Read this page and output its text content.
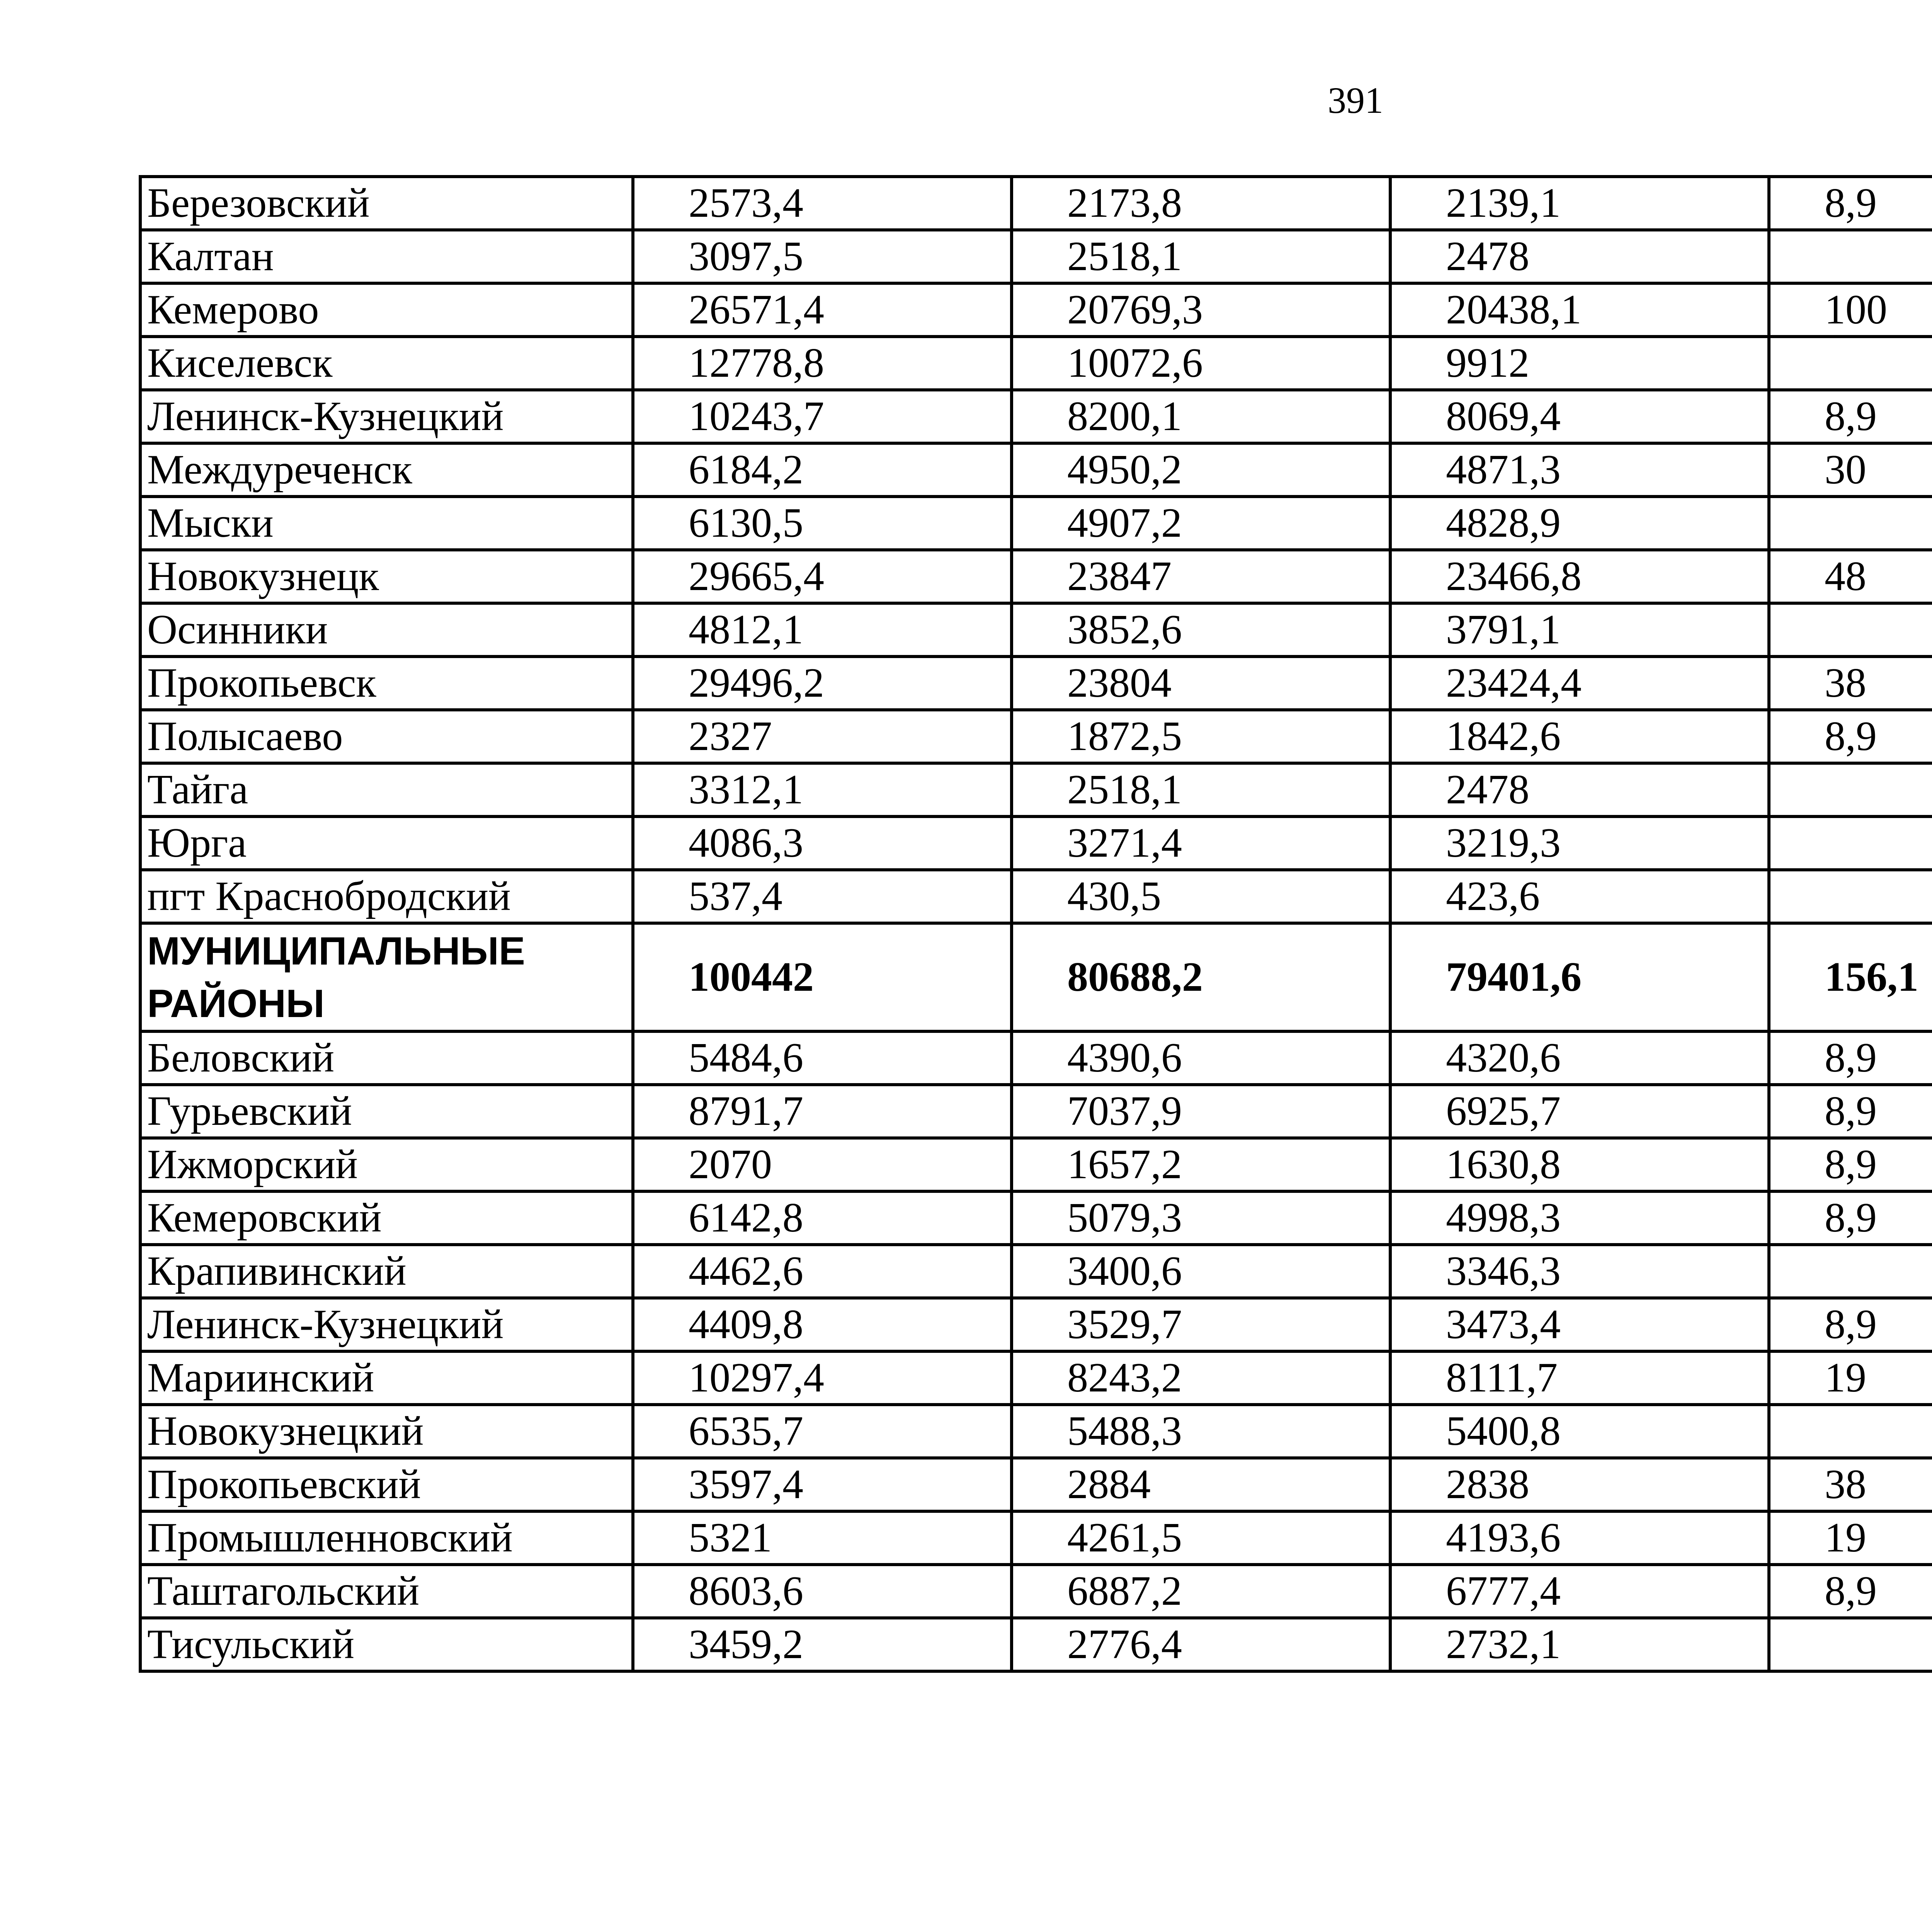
391
Березовский	2573,4	2173,8	2139,1	8,9		
Калтан	3097,5	2518,1	2478			
Кемерово	26571,4	20769,3	20438,1	100		
Киселевск	12778,8	10072,6	9912			
Ленинск-Кузнецкий	10243,7	8200,1	8069,4	8,9		
Междуреченск	6184,2	4950,2	4871,3	30		
Мыски	6130,5	4907,2	4828,9			
Новокузнецк	29665,4	23847	23466,8	48		
Осинники	4812,1	3852,6	3791,1			
Прокопьевск	29496,2	23804	23424,4	38		
Полысаево	2327	1872,5	1842,6	8,9		
Тайга	3312,1	2518,1	2478			
Юрга	4086,3	3271,4	3219,3			
пгт Краснобродский	537,4	430,5	423,6			
МУНИЦИПАЛЬНЫЕ РАЙОНЫ	100442	80688,2	79401,6	156,1		
Беловский	5484,6	4390,6	4320,6	8,9		
Гурьевский	8791,7	7037,9	6925,7	8,9		
Ижморский	2070	1657,2	1630,8	8,9		
Кемеровский	6142,8	5079,3	4998,3	8,9		
Крапивинский	4462,6	3400,6	3346,3			
Ленинск-Кузнецкий	4409,8	3529,7	3473,4	8,9		
Мариинский	10297,4	8243,2	8111,7	19		
Новокузнецкий	6535,7	5488,3	5400,8			
Прокопьевский	3597,4	2884	2838	38		
Промышленновский	5321	4261,5	4193,6	19		
Таштагольский	8603,6	6887,2	6777,4	8,9		
Тисульский	3459,2	2776,4	2732,1			
